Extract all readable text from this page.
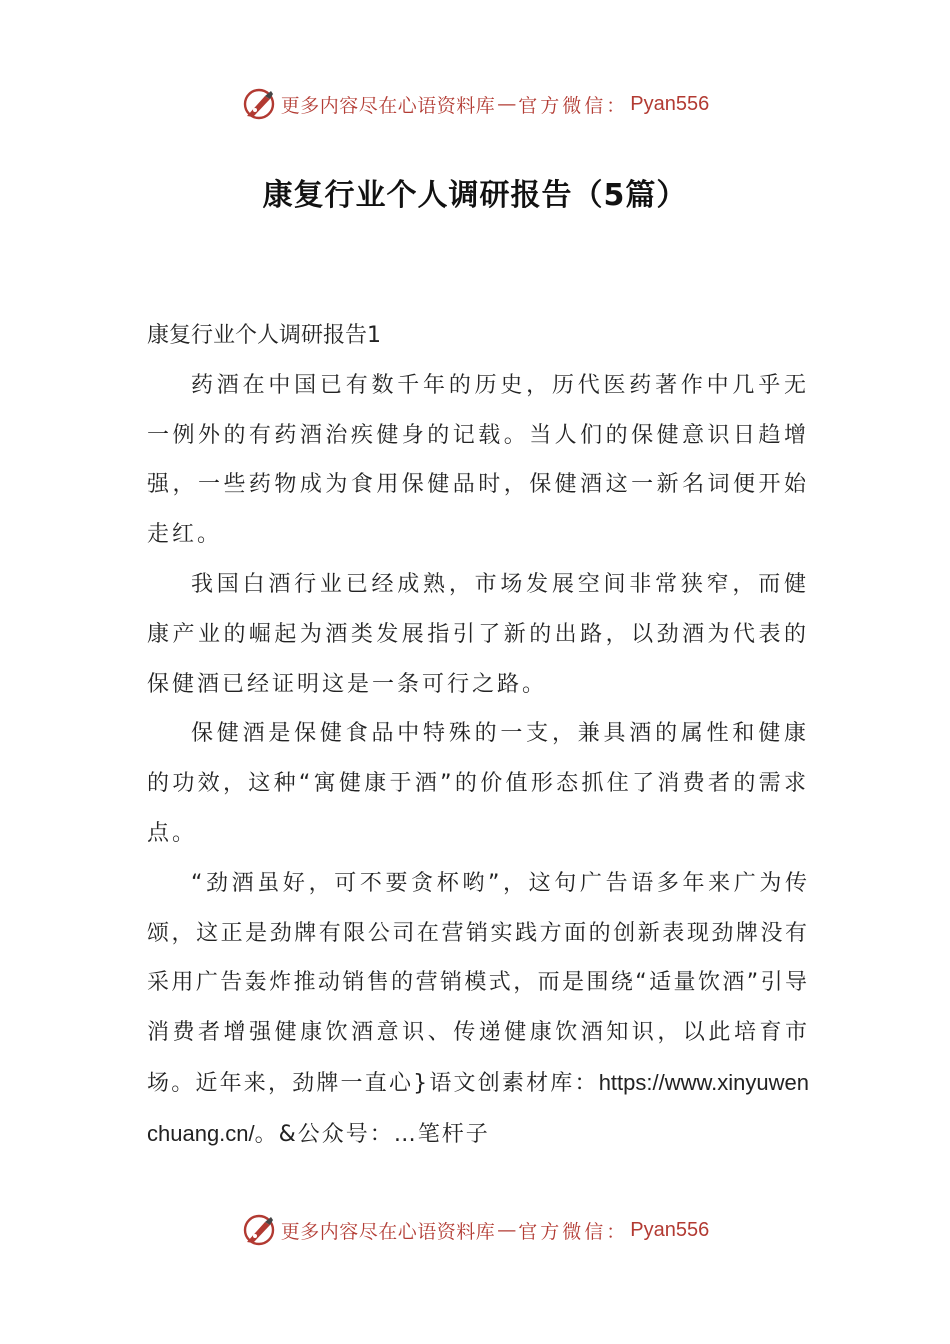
更多内容尽在心语资料库 — 官方微信： Pyan556
康复行业个人调研报告（5篇）
康复行业个人调研报告1

药酒在中国已有数千年的历史，历代医药著作中几乎无一例外的有药酒治疾健身的记载。当人们的保健意识日趋增强，一些药物成为食用保健品时，保健酒这一新名词便开始走红。

我国白酒行业已经成熟，市场发展空间非常狭窄，而健康产业的崛起为酒类发展指引了新的出路，以劲酒为代表的保健酒已经证明这是一条可行之路。

保健酒是保健食品中特殊的一支，兼具酒的属性和健康的功效，这种“寓健康于酒”的价值形态抓住了消费者的需求点。

“劲酒虽好，可不要贪杯哟”，这句广告语多年来广为传颂，这正是劲牌有限公司在营销实践方面的创新表现劲牌没有采用广告轰炸推动销售的营销模式，而是围绕“适量饮酒”引导消费者增强健康饮酒意识、传递健康饮酒知识，以此培育市场。近年来，劲牌一直心}语文创素材库：https://www.xinyuwenchuang.cn/。&公众号：…笔杆子

更多内容尽在心语资料库 — 官方微信： Pyan556
